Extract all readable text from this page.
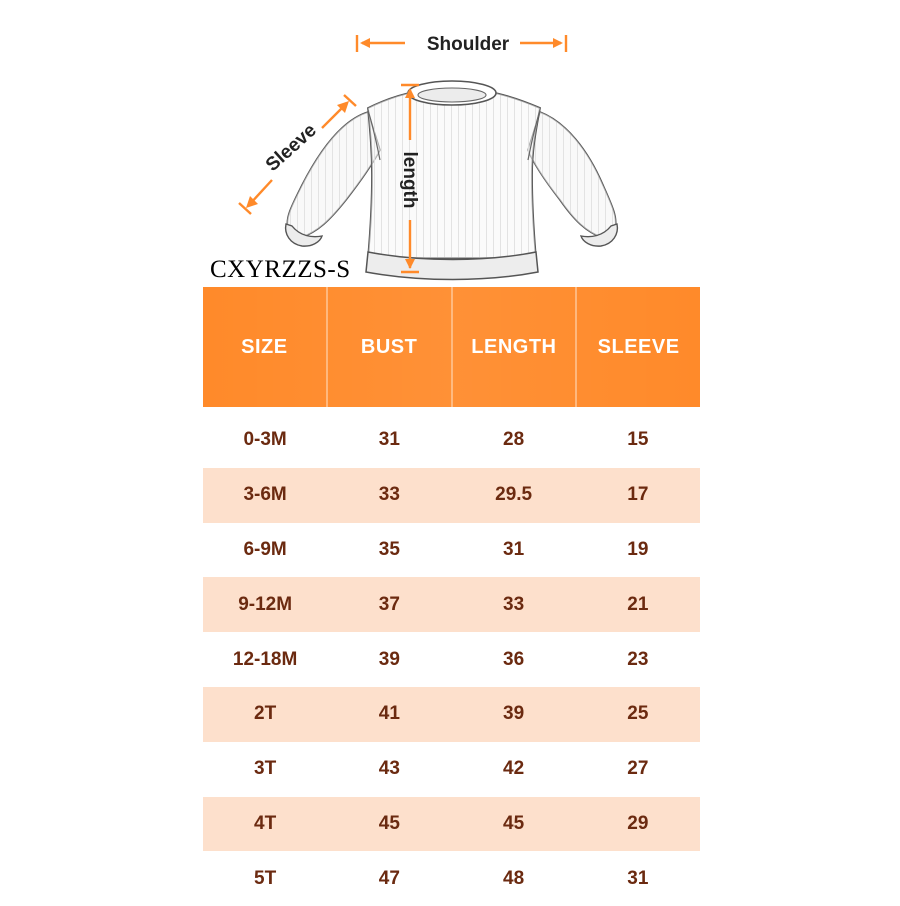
Shoulder
length
Sleeve
CXYRZZS-S
SIZE	BUST	LENGTH	SLEEVE
0-3M	31	28	15
3-6M	33	29.5	17
6-9M	35	31	19
9-12M	37	33	21
12-18M	39	36	23
2T	41	39	25
3T	43	42	27
4T	45	45	29
5T	47	48	31
